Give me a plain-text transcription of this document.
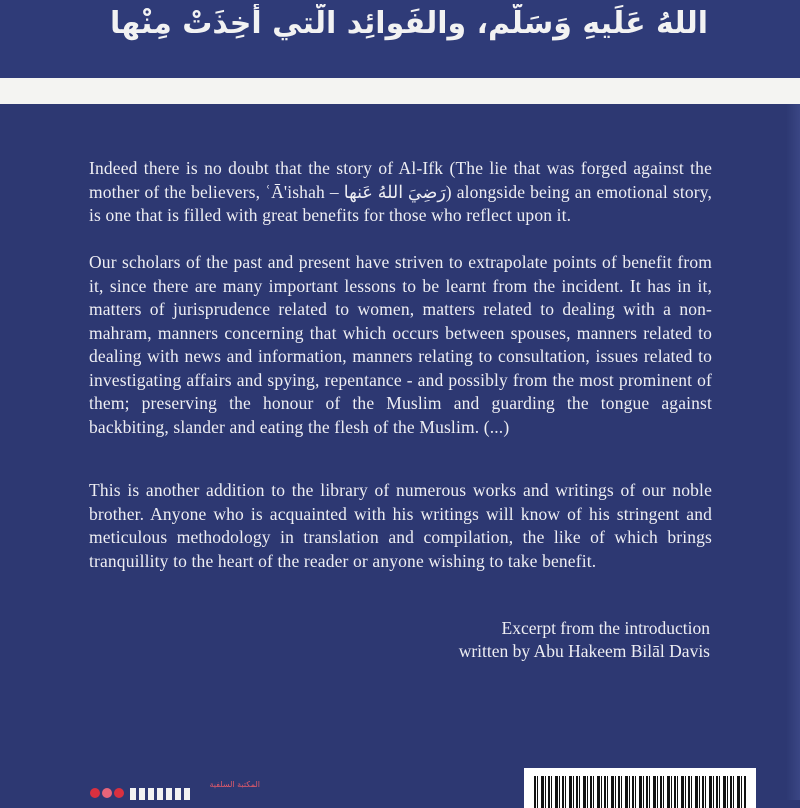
اللهُ عَلَيهِ وَسَلَّم، والفَوائِد الَّتي أُخِذَتْ مِنْها

Indeed there is no doubt that the story of Al-Ifk (The lie that was forged against the mother of the believers, ʿĀ'ishah – رَضِيَ اللهُ عَنها) alongside being an emotional story, is one that is filled with great benefits for those who reflect upon it.

Our scholars of the past and present have striven to extrapolate points of benefit from it, since there are many important lessons to be learnt from the incident. It has in it, matters of jurisprudence related to women, matters related to dealing with a non-mahram, manners concerning that which occurs between spouses, manners related to dealing with news and information, manners relating to consultation, issues related to investigating affairs and spying, repentance - and possibly from the most prominent of them; preserving the honour of the Muslim and guarding the tongue against backbiting, slander and eating the flesh of the Muslim. (...)

This is another addition to the library of numerous works and writings of our noble brother. Anyone who is acquainted with his writings will know of his stringent and meticulous methodology in translation and compilation, the like of which brings tranquillity to the heart of the reader or anyone wishing to take benefit.

Excerpt from the introduction

written by Abu Hakeem Bilāl Davis

المكتبة السلفية
